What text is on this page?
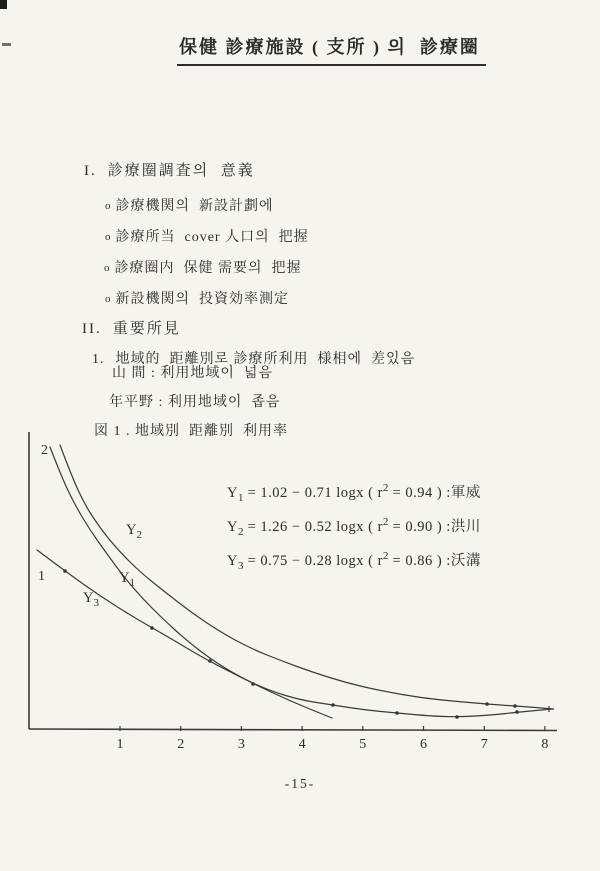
保健 診療施設 ( 支所 ) 의  診療圈

I. 診療圈調査의  意義

o 診療機関의  新設計劃에

o 診療所当  cover 人口의  把握

o 診療圈内  保健 需要의  把握

o 新設機関의  投資効率測定

II. 重要所見

1. 地域的  距離別로 診療所利用  様相에  差있음

山 間 : 利用地域이  넓음
年平野 : 利用地域이  좁음
図 1 . 地域別  距離別  利用率
1	2	3	4	5	6	7	8
2
1
$Y_2$
$Y_1$
$Y_3$
$Y_1 = 1.02 - 0.71$ logx ( $r^2 = 0.94$ ) :軍威
$Y_2 = 1.26 - 0.52$ logx ( $r^2 = 0.90$ ) :洪川
$Y_3 = 0.75 - 0.28$ logx ( $r^2 = 0.86$ ) :沃溝
-15-
